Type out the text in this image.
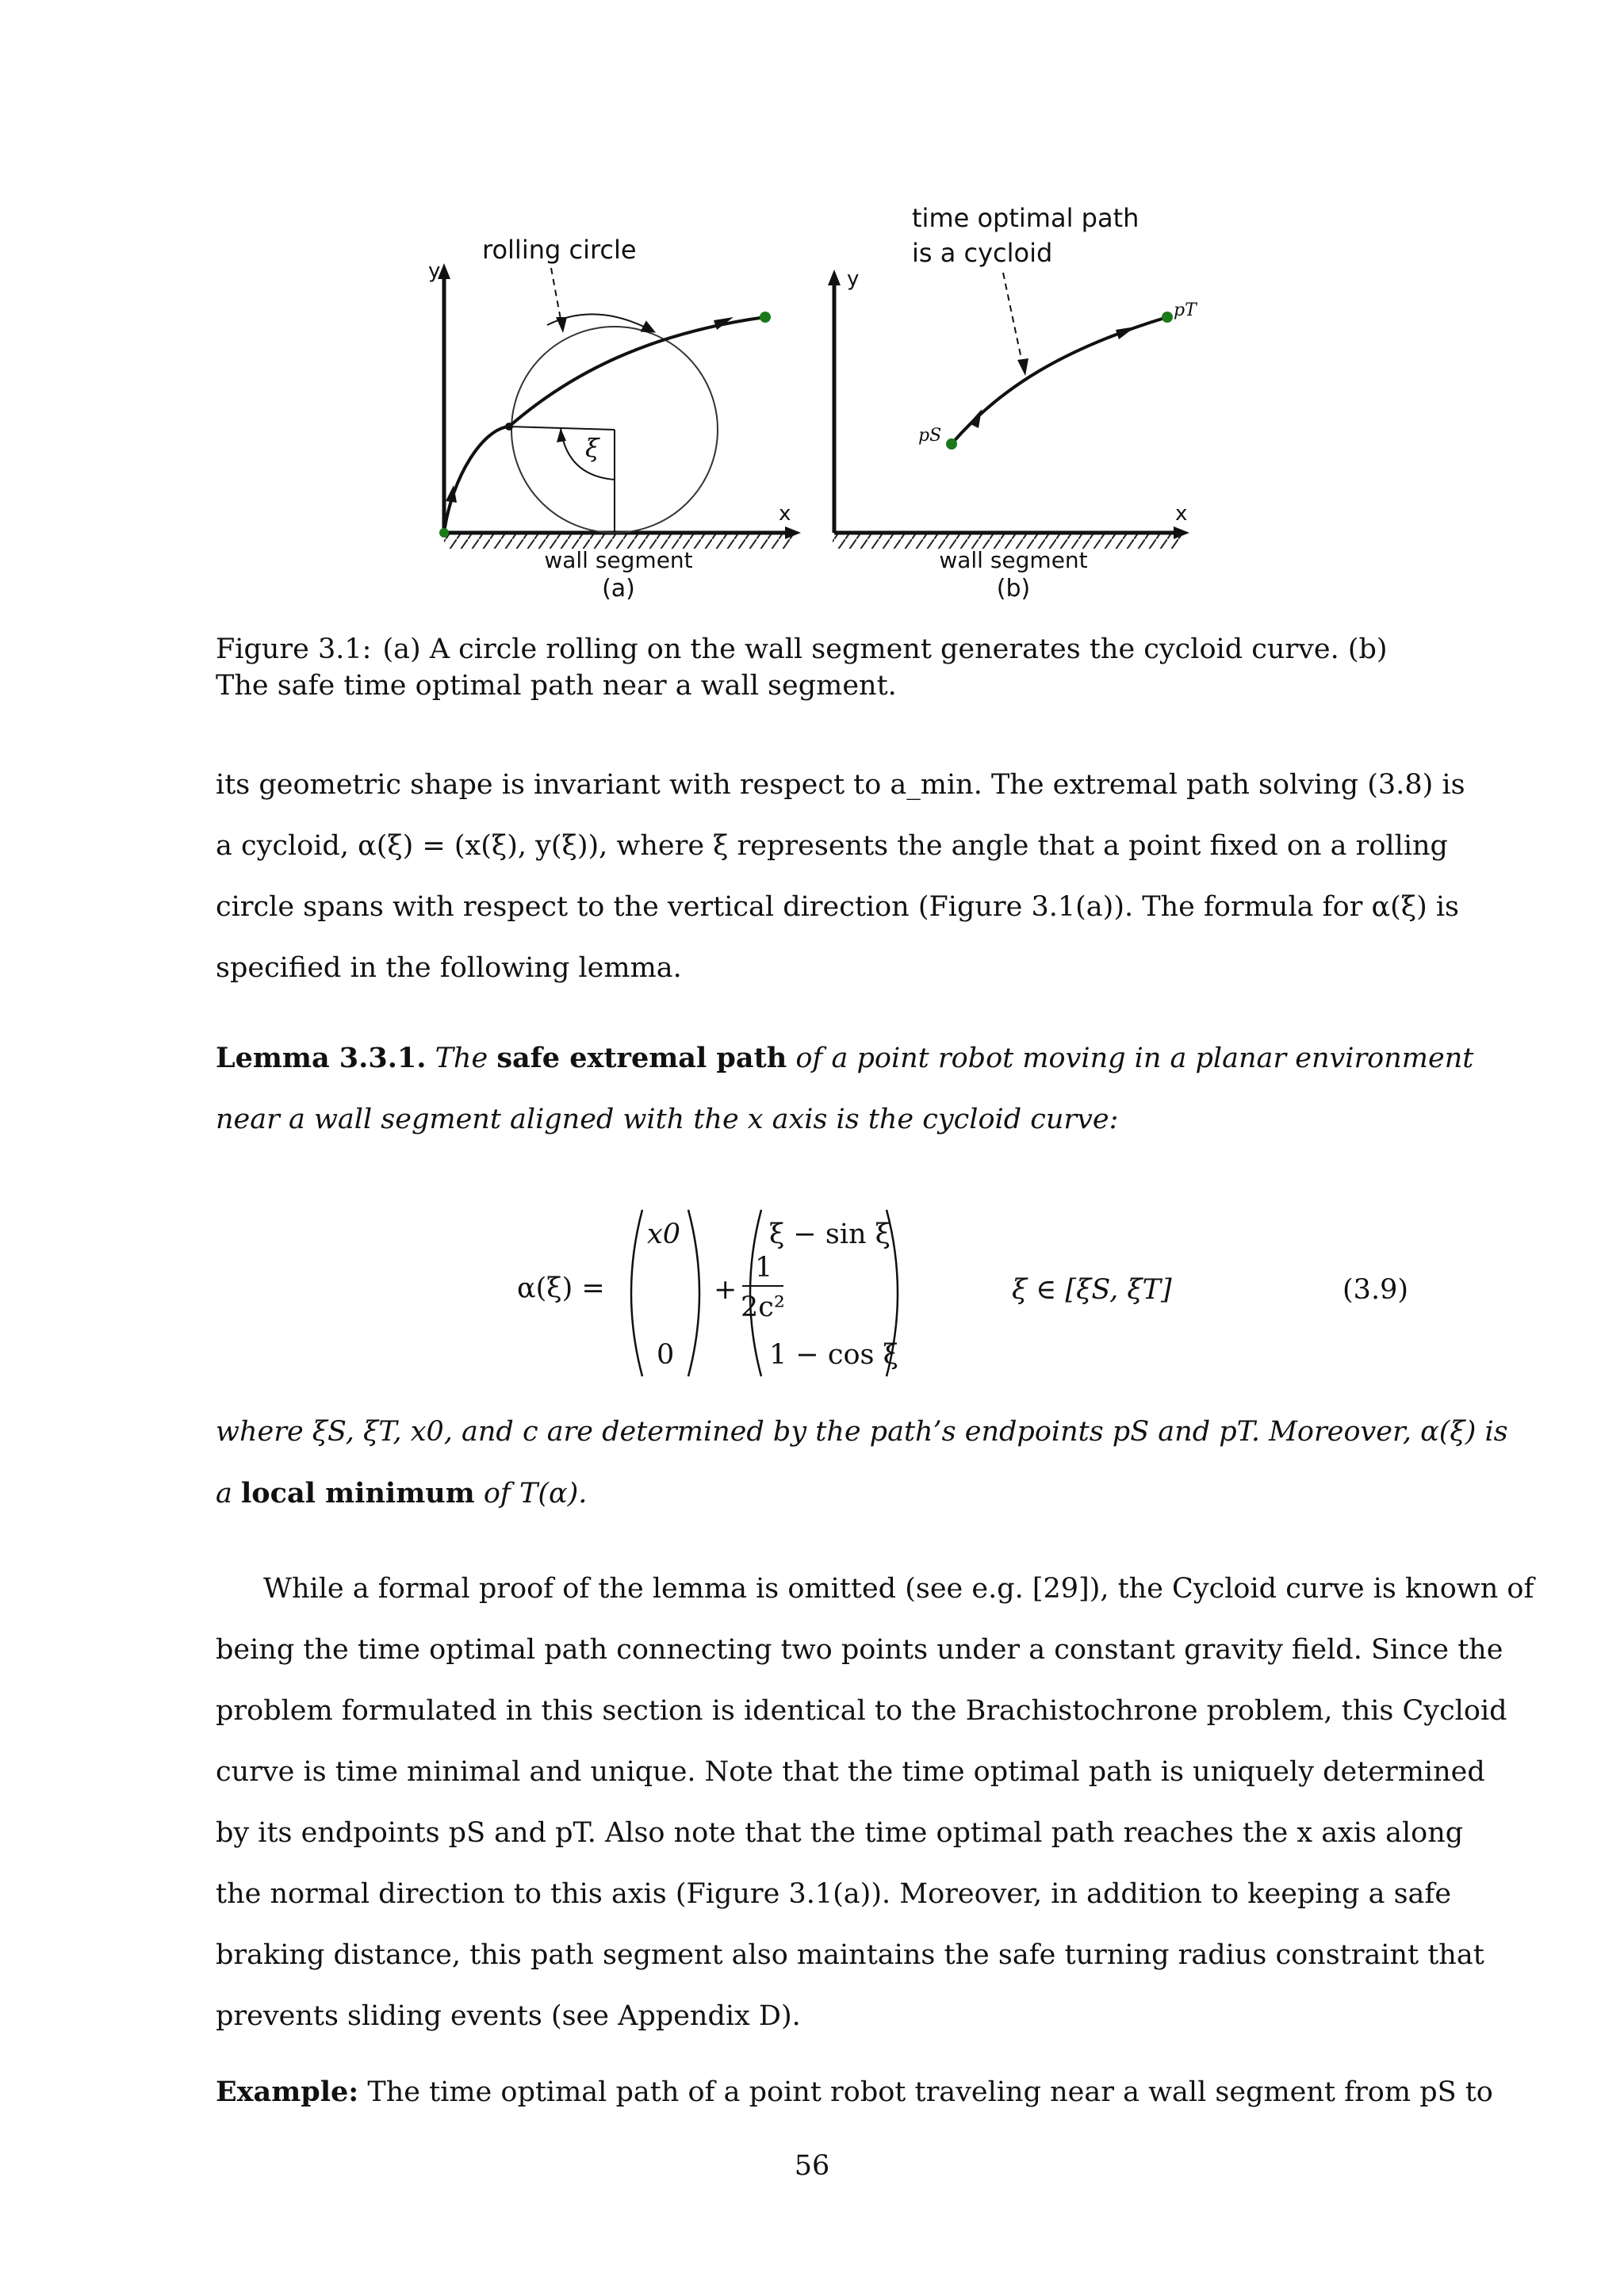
y
x
ξ
rolling circle
wall segment
(a)
y
x
pS
pT
time optimal path
is a cycloid
wall segment
(b)
Figure 3.1: (a) A circle rolling on the wall segment generates the cycloid curve. (b) The safe time optimal path near a wall segment.
its geometric shape is invariant with respect to a_min. The extremal path solving (3.8) is
a cycloid, α(ξ) = (x(ξ), y(ξ)), where ξ represents the angle that a point fixed on a rolling
circle spans with respect to the vertical direction (Figure 3.1(a)). The formula for α(ξ) is
specified in the following lemma.
Lemma 3.3.1. The safe extremal path of a point robot moving in a planar environment
near a wall segment aligned with the x axis is the cycloid curve:
α(ξ) =
x0
0
+
1
2c²
ξ − sin ξ
1 − cos ξ
ξ ∈ [ξS, ξT]	(3.9)
where ξS, ξT, x0, and c are determined by the path’s endpoints pS and pT. Moreover, α(ξ) is
a local minimum of T(α).
While a formal proof of the lemma is omitted (see e.g. [29]), the Cycloid curve is known of
being the time optimal path connecting two points under a constant gravity field. Since the
problem formulated in this section is identical to the Brachistochrone problem, this Cycloid
curve is time minimal and unique. Note that the time optimal path is uniquely determined
by its endpoints pS and pT. Also note that the time optimal path reaches the x axis along
the normal direction to this axis (Figure 3.1(a)). Moreover, in addition to keeping a safe
braking distance, this path segment also maintains the safe turning radius constraint that
prevents sliding events (see Appendix D).
Example: The time optimal path of a point robot traveling near a wall segment from pS to
56
